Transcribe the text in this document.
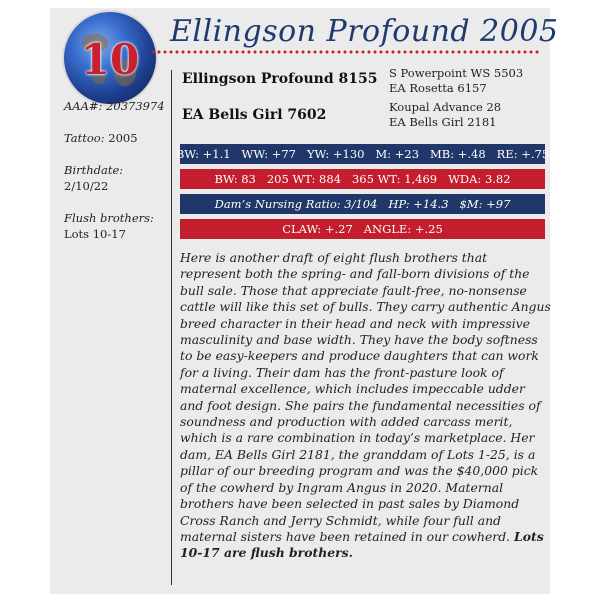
10
Ellingson Profound 2005
Ellingson Profound 8155
EA Bells Girl 7602
S Powerpoint WS 5503
EA Rosetta 6157
Koupal Advance 28
EA Bells Girl 2181
AAA#: 20373974
Tattoo: 2005
Birthdate:
2/10/22
Flush brothers:
Lots 10-17
BW: +1.1   WW: +77   YW: +130   M: +23   MB: +.48   RE: +.75
BW: 83   205 WT: 884   365 WT: 1,469   WDA: 3.82
Dam’s Nursing Ratio: 3/104   HP: +14.3   $M: +97
CLAW: +.27   ANGLE: +.25
Here is another draft of eight flush brothers that represent both the spring- and fall-born divisions of the bull sale. Those that appreciate fault-free, no-nonsense cattle will like this set of bulls. They carry authentic Angus breed character in their head and neck with impressive masculinity and base width. They have the body softness to be easy-keepers and produce daughters that can work for a living. Their dam has the front-pasture look of maternal excellence, which includes impeccable udder and foot design. She pairs the fundamental necessities of soundness and production with added carcass merit, which is a rare combination in today’s marketplace. Her dam, EA Bells Girl 2181, the granddam of Lots 1-25, is a pillar of our breeding program and was the $40,000 pick of the cowherd by Ingram Angus in 2020. Maternal brothers have been selected in past sales by Diamond Cross Ranch and Jerry Schmidt, while four full and maternal sisters have been retained in our cowherd. Lots 10-17 are flush brothers.
